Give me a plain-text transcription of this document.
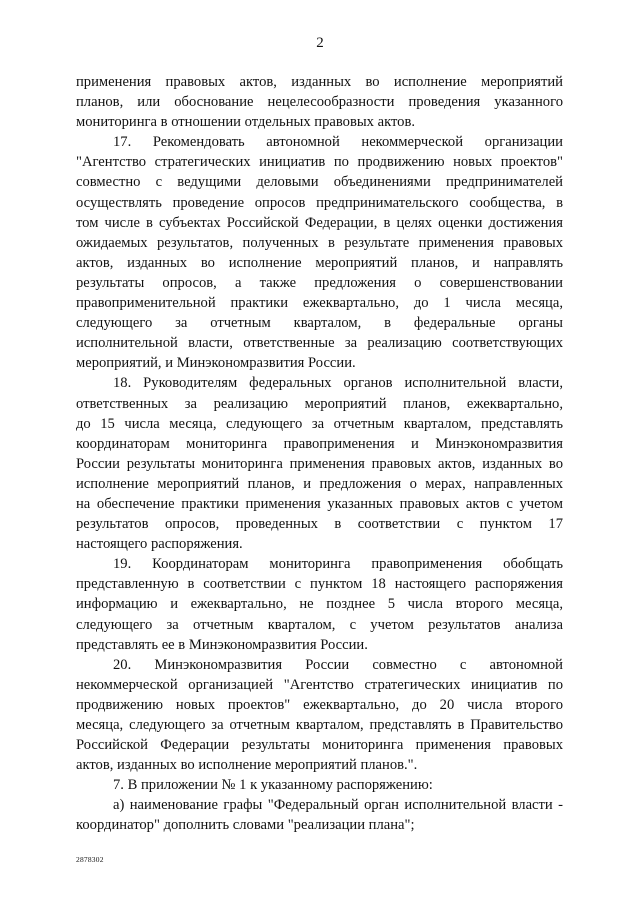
2
применения правовых актов, изданных во исполнение мероприятий
планов, или обоснование нецелесообразности проведения указанного
мониторинга в отношении отдельных правовых актов.
17. Рекомендовать автономной некоммерческой организации
"Агентство стратегических инициатив по продвижению новых проектов"
совместно с ведущими деловыми объединениями предпринимателей
осуществлять проведение опросов предпринимательского сообщества, в
том числе в субъектах Российской Федерации, в целях оценки достижения
ожидаемых результатов, полученных в результате применения правовых
актов, изданных во исполнение мероприятий планов, и направлять
результаты опросов, а также предложения о совершенствовании
правоприменительной практики ежеквартально, до 1 числа месяца,
следующего за отчетным кварталом, в федеральные органы
исполнительной власти, ответственные за реализацию соответствующих
мероприятий, и Минэкономразвития России.
18. Руководителям федеральных органов исполнительной власти,
ответственных за реализацию мероприятий планов, ежеквартально,
до 15 числа месяца, следующего за отчетным кварталом, представлять
координаторам мониторинга правоприменения и Минэкономразвития
России результаты мониторинга применения правовых актов, изданных во
исполнение мероприятий планов, и предложения о мерах, направленных
на обеспечение практики применения указанных правовых актов с учетом
результатов опросов, проведенных в соответствии с пунктом 17
настоящего распоряжения.
19. Координаторам мониторинга правоприменения обобщать
представленную в соответствии с пунктом 18 настоящего распоряжения
информацию и ежеквартально, не позднее 5 числа второго месяца,
следующего за отчетным кварталом, с учетом результатов анализа
представлять ее в Минэкономразвития России.
20. Минэкономразвития России совместно с автономной
некоммерческой организацией "Агентство стратегических инициатив по
продвижению новых проектов" ежеквартально, до 20 числа второго
месяца, следующего за отчетным кварталом, представлять в Правительство
Российской Федерации результаты мониторинга применения правовых
актов, изданных во исполнение мероприятий планов.".
7. В приложении № 1 к указанному распоряжению:
а) наименование графы "Федеральный орган исполнительной власти -
координатор" дополнить словами "реализации плана";
2878302
